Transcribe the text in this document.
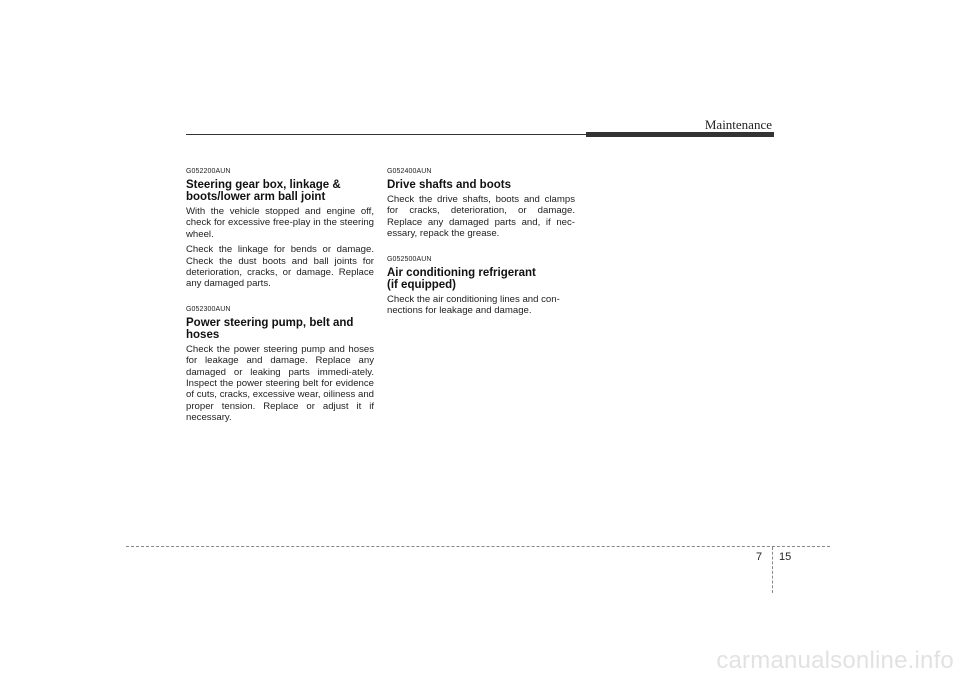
Maintenance

G052200AUN

Steering gear box, linkage & boots/lower arm ball joint

With the vehicle stopped and engine off, check for excessive free-play in the steering wheel.

Check the linkage for bends or damage. Check the dust boots and ball joints for deterioration, cracks, or damage. Replace any damaged parts.

G052300AUN

Power steering pump, belt and hoses

Check the power steering pump and hoses for leakage and damage. Replace any damaged or leaking parts immedi-ately. Inspect the power steering belt for evidence of cuts, cracks, excessive wear, oiliness and proper tension. Replace or adjust it if necessary.

G052400AUN

Drive shafts and boots

Check the drive shafts, boots and clamps for cracks, deterioration, or damage. Replace any damaged parts and, if nec-essary, repack the grease.

G052500AUN

Air conditioning refrigerant
(if equipped)

Check the air conditioning lines and con-nections for leakage and damage.

7 15
carmanualsonline.info
